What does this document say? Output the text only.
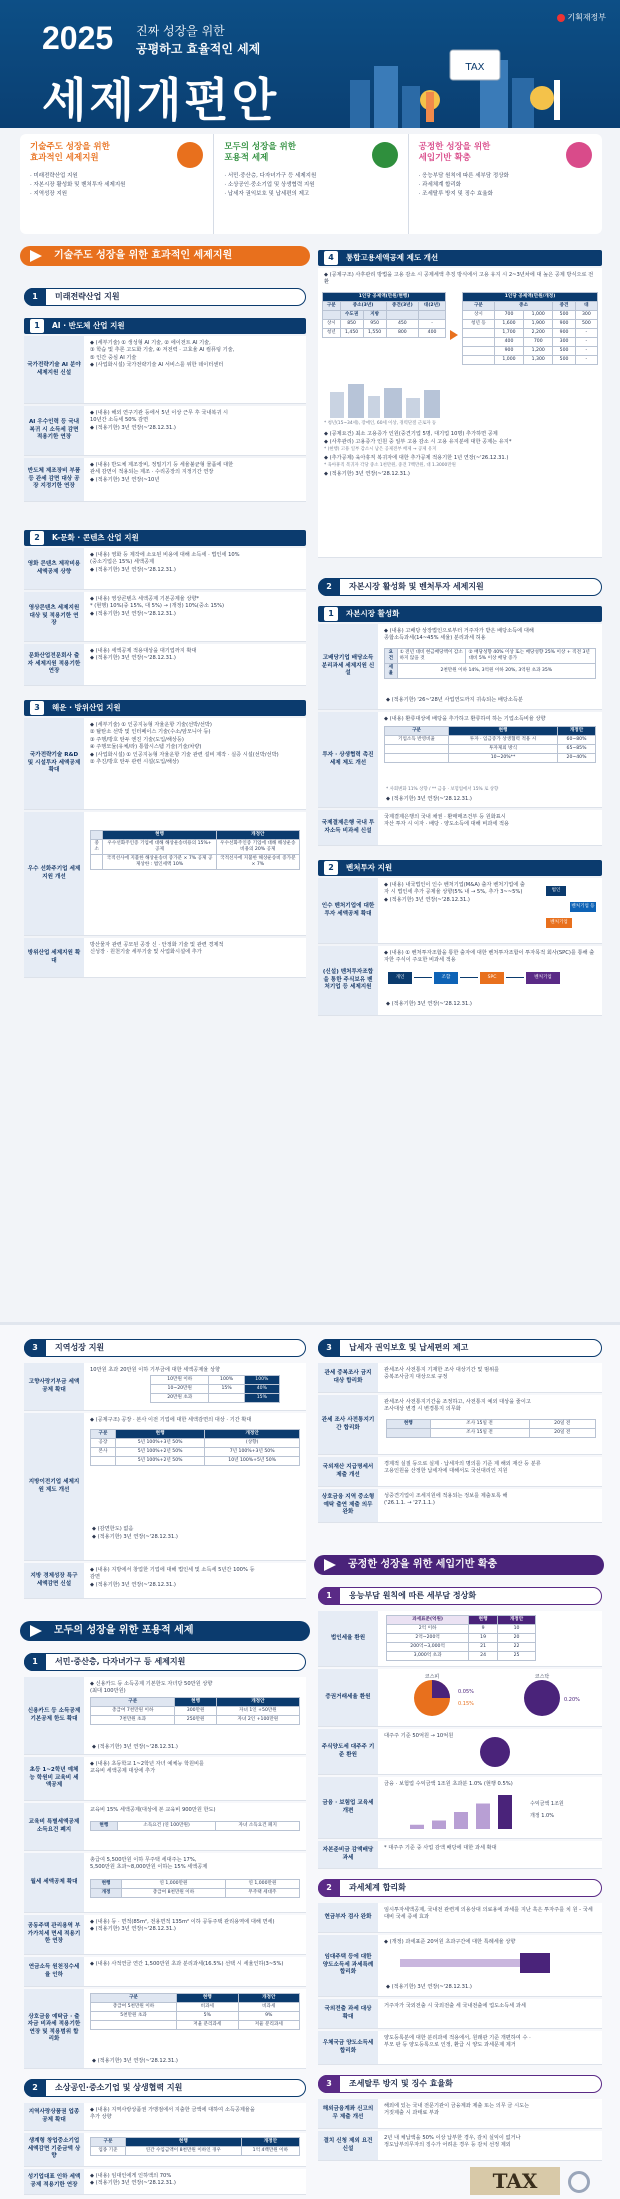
2025 진짜 성장을 위한
공평하고 효율적인 세제
세제개편안
기획재정부
TAX
기술주도 성장을 위한
효과적인 세제지원
· 미래전략산업 지원
· 자본시장 활성화 및 벤처투자 세제지원
· 지역성장 지원
모두의 성장을 위한
포용적 세제
· 서민·중산층, 다자녀가구 등 세제지원
· 소상공인·중소기업 및 상생협력 지원
· 납세자 권익보호 및 납세편의 제고
공정한 성장을 위한
세입기반 확충
· 응능부담 원칙에 따른 세부담 정상화
· 과세체계 합리화
· 조세탈루 방지 및 징수 효율화
기술주도 성장을 위한 효과적인 세제지원
1	미래전략산업 지원
1	AI · 반도체 산업 지원
국가전략기술 AI 분야 세제지원 신설
◆ (세부기술) ① 생성형 AI 기술, ② 에이전트 AI 기술,
③ 학습 및 추론 고도화 기술, ④ 저전력 · 고효율 AI 컴퓨팅 기술,
⑤ 인간 중심 AI 기술
◆ (사업화시설) 국가전략기술 AI 서비스를 위한 데이터센터
AI 우수인력 등 국내복귀 시 소득세 감면 적용기한 연장
◆ (내용) 해외 연구기관 등에서 5년 이상 근무 후 국내복귀 시
10년간 소득세 50% 감면
◆ (적용기한) 3년 연장(~'28.12.31.)
반도체 제조장비 부품 등 관세 감면 대상 공장 지정기한 연장
◆ (내용) 반도체 제조장비, 정밀기기 등 세율불균형 물품에 대한
관세 감면이 적용되는 제조 · 수리공장의 지정기간 연장
◆ (적용기한) 3년 연장(~10년
2	K-문화 · 콘텐츠 산업 지원
영화 콘텐츠 제작비용 세액공제 상향
◆ (내용) 영화 등 제작에 소요된 비용에 대해 소득세 · 법인세 10%
(중소기업은 15%) 세액공제
◆ (적용기한) 3년 연장(~'28.12.31.)
영상콘텐츠 세제지원 대상 및 적용기한 연장
◆ (내용) 영상콘텐츠 세액공제 기본공제율 상향*
* (현행) 10%(중 15%, 대 5%) → (개정) 10%(중소 15%)
◆ (적용기한) 3년 연장(~'28.12.31.)
문화산업전문회사 출자 세제지원 적용기한 연장
◆ (내용) 세액공제 적용대상을 대기업까지 확대
◆ (적용기한) 3년 연장(~'28.12.31.)
3	해운 · 방위산업 지원
국가전략기술 R&D 및 시설투자 세액공제 확대
◆ (세부기술) ① 인공지능형 자율운항 기술(선박/선박)
② 탈탄소 선박 및 인터페이스 기술(수소/암모니아 등)
③ 주행/방호 탄두 엔진 기술(도입/해상등)
④ 주행모듈(유체/라) 통합시스템 기술(기술/차량)
◆ (사업화시설) ① 인공지능형 자율운항 기술 관련 설비 제작 · 실증 시설(선박/선박)
② 추진/방호 탄두 관련 시설(도입/해상)
우수 선화주기업 세제지원 개선
	현행	개정안
중소	우수선화주인증 기업에 대해 해상운송비용의 15%+ 공제	우수선화주인증 기업에 대해 해상운송비용의 20% 공제
	국적선사에 지불한 해상운송비 증가분 × 7% 공제 공제상한 : 법인세액 10%	국적선사에 지불한 해상운송비 증가분 × 7%
방위산업 세제지원 확대
방산물자 관련 공모된 공장 신 · 안정화 기술 및 관련 경제적
신성장 · 원천기술 세부기술 및 사업화시설에 추가
4	통합고용세액공제 제도 개선
◆ (공제구조) 사후관리 방법을 고용 감소 시 공제세액 추징 방식에서 고용 유지 시 2~3년차에 대 높은 공제 방식으로 전환
1인당 공제액(만원/현행)				
구분	중소(3년)		중견(3년)	대(2년)
	수도권	지방		
상시	850	950	450	-
청년	1,450	1,550	800	400
1인당 공제액(만원/개정)				
구분	중소		중견	대
상시	700	1,000	500	300
청년 등	1,600	1,900	900	500
	1,700	2,200	900	-
	400	700	300	-
	900	1,200	500	-
	1,000	1,300	500	-
* 청년(15~34세), 장애인, 60세 이상, 경력단절 근로자 등
◆ (공제요건) 최소 고용증가 인원(중견기업 5명, 대기업 10명) 추가하면 공제
◆ (사후관리) 고용증가 인원 중 일부 고용 감소 시 고용 유지분에 대한 공제는 유지*
* (현행) 고용 일부 감소시 남은 공제전부 배제 → 공제 유지
◆ (추가공제) 육아휴직 복귀자에 대한 추가공제 적용기한 1년 연장(~'26.12.31.)
* 육아휴직 복귀자 각당 중소 1천만원, 중견 7백만원, 대 1.3000만원
◆ (적용기한) 3년 연장(~'28.12.31.)
2	자본시장 활성화 및 벤처투자 세제지원
1	자본시장 활성화
고배당기업 배당소득 분리과세 세제지원 신설
◆ (내용) 고배당 상장법인으로부터 거주자가 받은 배당소득에 대해
종합소득과세(14~45% 세율) 분리과세 허용
요건	① 전년 대비 현금배당액이 감소하지 않을 것	② 배당성향 40% 이상 또는 배당성향 25% 이상 + 직전 3년 대비 5% 이상 배당 증가
세율	2천만원 이하 14%, 3억원 이하 20%, 3억원 초과 35%	
◆ (적용기한) '26~'28년 사업연도까지 귀속되는 배당소득분
투자 · 상생협력 촉진세제 제도 개선
◆ (내용) 환류대상에 배당을 추가하고 환류하여 하는 기업소득비율 상향
구분	현행	개정안
기업소득 반영비율	투자 · 임금증가 상생협력 적용 시	60~80%
	투자제외 방식	65~85%
	10~20%**	20~40%
* 사회변화 11% 상향 / ** 금융 · 보험업에서 15% 로 상향
◆ (적용기한) 3년 연장(~'28.12.31.)
국제결제은행 국내 투자소득 비과세 신설
국제결제은행의 국내 채권 · 환매매조건부 등 원화표시
자산 투자 시 이자 · 배당 · 양도소득에 대해 비과세 적용
2	벤처투자 지원
인수 벤처기업에 대한 투자 세액공제 확대
◆ (내용) 내국법인이 인수 벤처기업(M&A) 출자 벤처기업에 출자 시 법인세 추가 공제율 상향(5% 내 → 5%, 추가 3~~5%)
◆ (적용기한) 3년 연장(~'28.12.31.)
법인
벤처기업 등
벤처기업
(신설) 벤처투자조합을 통한 주식보유 벤처기업 등 세제지원
◆ (내용) ① 벤처투자조합을 통한 출자에 대한 벤처투자조합이 투자목적 회사(SPC)를 통해 출자한 주식이 주요한 비과세 적용
개인	조합	SPC	벤처기업
◆ (적용기한) 3년 연장(~'28.12.31.)
3	지역성장 지원
고향사랑기부금 세액공제 확대
10만원 초과 20만원 이하 기부금에 대한 세액공제율 상향
10만원 이하	100%	100%
10~20만원	15%	40%
20만원 초과		15%
지방이전기업 세제지원 제도 개선
◆ (공제구조) 공장 · 본사 이전 기업에 대한 세액감면의 대상 · 기간 확대
구분	현행	개정안
공장	5년 100%+3년 50%	(상향)
본사	5년 100%+2년 50%	7년 100%+3년 50%
	5년 100%+2년 50%	10년 100%+5년 50%
◆ (감면한도) 없음
◆ (적용기한) 3년 연장(~'28.12.31.)
지방 경제성장 특구 세액감면 신설
◆ (내용) 지방에서 창업한 기업에 대해 법인세 및 소득세 5년간 100% 등
감면
◆ (적용기한) 3년 연장(~'28.12.31.)
모두의 성장을 위한 포용적 세제
1	서민·중산층, 다자녀가구 등 세제지원
신용카드 등 소득공제 기본공제 한도 확대
◆ 신용카드 등 소득공제 기본한도 자녀당 50만원 상향
(최대 100만원)
구분	현행	개정안
총급여 7천만원 이하	300만원	자녀 1인 +50만원
7천만원 초과	250만원	자녀 2인 +100만원
◆ (적용기한) 3년 연장(~'28.12.31.)
초등 1~2학년 예체능 학원비 교육비 세액공제
◆ (내용) 초등학교 1~2학년 자녀 예체능 학원비를
교육비 세액공제 대상에 추가
교육비 특별세액공제 소득요건 폐지
교육비 15% 세액공제(대상에 본 교육비 900만원 한도)
현행	소득요건 (연 100만원)	자녀 소득요건 폐지
월세 세액공제 확대
총급여 5,500만원 이하 무주택 세대주는 17%,
5,500만원 초과~8,000만원 이하는 15% 세액공제
현행	연 1,000만원	연 1,000만원
개정	총급여 8천만원 이하	무주택 세대주
공동주택 관리용역 부가가치세 면세 적용기한 연장
◆ (내용) 등 · 면적(85m², 전용면적 135m² 이하 공동주택 관리용역에 대해 면세)
◆ (적용기한) 3년 연장(~'28.12.31.)
연금소득 원천징수세율 인하
◆ (내용) 사적연금 연간 1,500만원 초과 분리과세(16.5%) 선택 시 세율인하(3~5%)
상호금융 예탁금 · 출자금 비과세 적용기한 연장 및 적용범위 합리화
구분	현행	개정안
총급여 5천만원 이하	비과세	비과세
5천만원 초과	5%	9%
	저율 분리과세	저율 분리과세
◆ (적용기한) 3년 연장(~'28.12.31.)
2	소상공인·중소기업 및 상생협력 지원
지역사랑상품권 업종 공제 확대
◆ (내용) 지역사랑상품권 가맹점에서 지출한 금액에 대하여 소득공제율을
추가 상향
생계형 창업중소기업 세액감면 기준금액 상향
구분	현행	개정안
업종 기준	연간 수입금액이 8천만원 이하인 경우	1억 4백만원 이하
성기업대표 인하 세액공제 적용기한 연장
◆ (내용) 임대인에게 인하액의 70%
◆ (적용기한) 3년 연장(~'28.12.31.)
3	납세자 권익보호 및 납세편의 제고
관세 중복조사 금지 대상 합리화
관세조사 사전통지 기재한 조사 대상기간 및 범위를
중복조사금지 대상으로 규정
관세 조사 사전통지기간 합리화
관세조사 사전통지기간을 조정하고, 사전통지 예외 대상을 줄이고
조사대상 변경 시 변경통지 의무화
현행	조사 15일 전	20일 전
	조사 15일 전	20일 전
국외재산 지급명세서 제출 개선
경제적 실질 등으로 실제 · 납세자의 명의를 기준 제 해외 재산 등 분류
고용인원을 산정한 납세자에 대해서도 국선대리인 지원
상호금융 지역 중소형예탁 출연 제출 의무 완화
성중견기업이 조세지원에 적용되는 정보를 제출토록 해
('26.1.1. → '27.1.1.)
공정한 성장을 위한 세입기반 확충
1	응능부담 원칙에 따른 세부담 정상화
법인세율 환원
과세표준(억원)	현행	개정안
2억 이하	9	10
2억~200억	19	20
200억~3,000억	21	22
3,000억 초과	24	25
증권거래세율 환원
코스피
0.05%
0.15%
코스닥
0.20%
주식양도세 대주주 기준 환원
대주주 기준 50억원 → 10억원
금융 · 보험업 교육세 개편
금융 · 보험업 수익금액 1조원 초과분 1.0% (현행 0.5%)
수익금액 1조원
개정 1.0%
자본준비금 감액배당 과세
* 대주주 기준 중 사업 감액 배당에 대한 과세 확대
2	과세체계 합리화
현금부자 검사 완화
임시투자세액공제, 국내전 관련계 의용상대 의료용에 과세를 지난 혹은 투자주를 치 원 - 국세 대비 국세 증세 효과
임대주택 등에 대한 양도소득세 과세특례 합리화
◆ (개정) 과세표준 20억원 초과구간에 대한 특례세율 상향
◆ (적용기한) 3년 연장(~'28.12.31.)
국외전출 과세 대상 확대
거주자가 국외전출 시 국외전출 세 국내전출에 업도소득세 과세
우체국금 양도소득세 합리화
양도등록분에 대한 분리과세 적용에서, 원래관 기준 개편하여 수 ·
부모 판 등 양도등록으로 인정, 환급 시 양도 과세문제 제거
3	조세탈루 방지 및 징수 효율화
해외금융계좌 신고의무 제출 개선
해외에 있는 국내 전문기관이 금융계좌 제출 또는 의무 금 시도는
거짓제출 시 과태료 부과
결치 신청 제외 요건 신설
2년 내 체납액을 50% 이상 납부한 경우, 감치 실익이 없거나
정도납부의무자의 징수가 어려운 경우 등 감치 선정 제외
TAX
